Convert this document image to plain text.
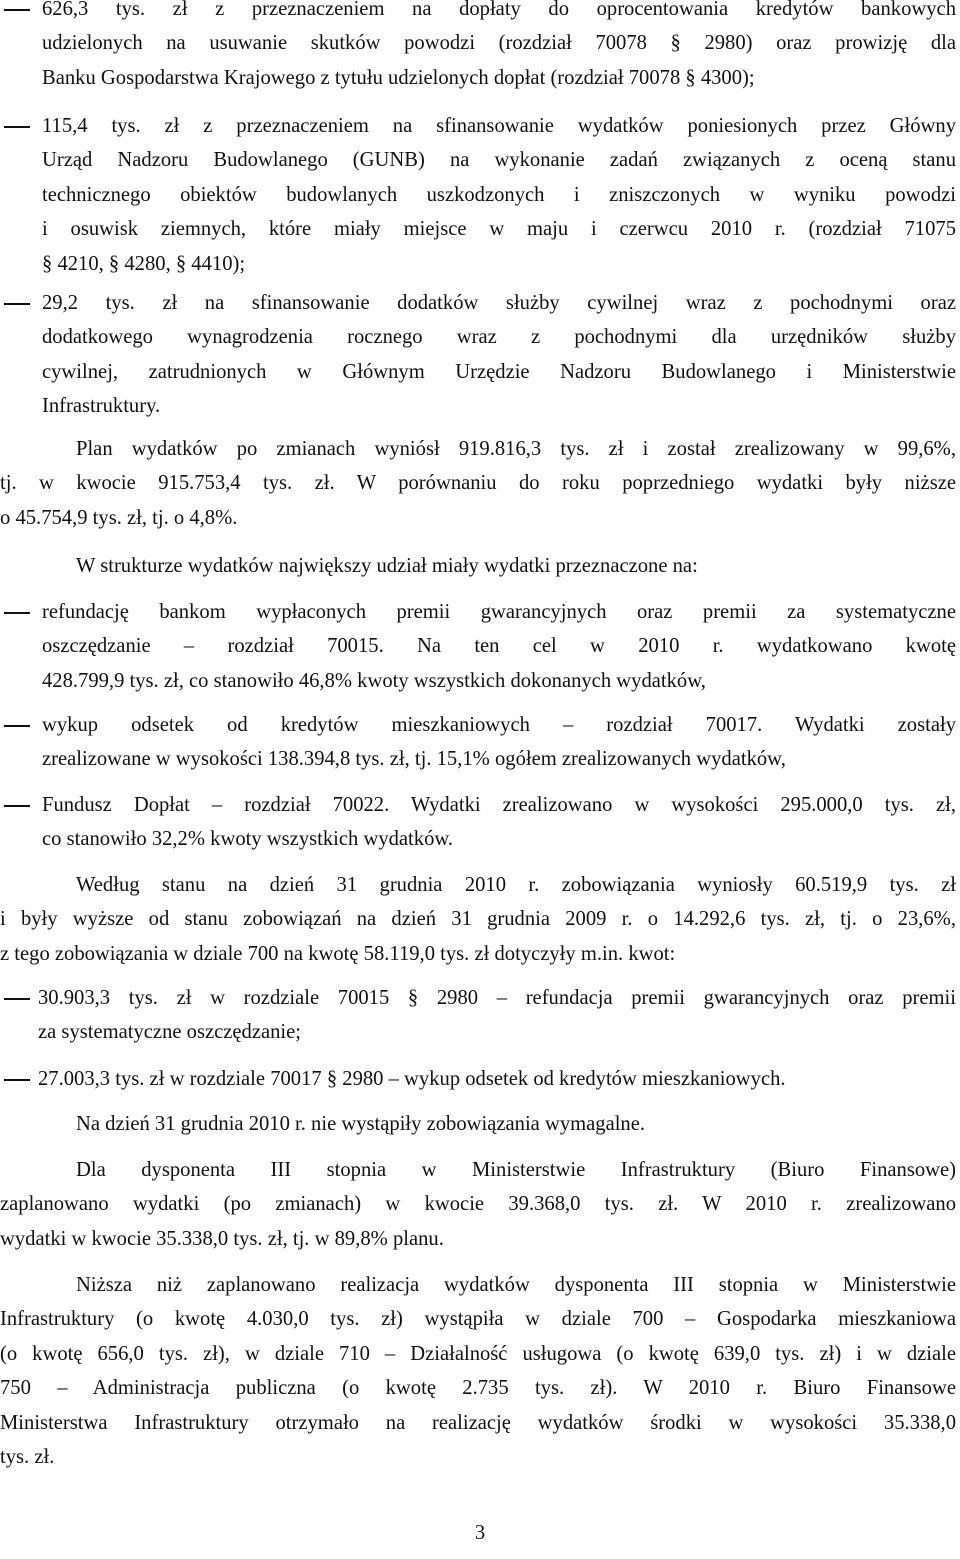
626,3 tys. zł z przeznaczeniem na dopłaty do oprocentowania kredytów bankowych
udzielonych na usuwanie skutków powodzi (rozdział 70078 § 2980) oraz prowizję dla
Banku Gospodarstwa Krajowego z tytułu udzielonych dopłat (rozdział 70078 § 4300);
115,4 tys. zł z przeznaczeniem na sfinansowanie wydatków poniesionych przez Główny
Urząd Nadzoru Budowlanego (GUNB) na wykonanie zadań związanych z oceną stanu
technicznego obiektów budowlanych uszkodzonych i zniszczonych w wyniku powodzi
i osuwisk ziemnych, które miały miejsce w maju i czerwcu 2010 r. (rozdział 71075
§ 4210, § 4280, § 4410);
29,2 tys. zł na sfinansowanie dodatków służby cywilnej wraz z pochodnymi oraz
dodatkowego wynagrodzenia rocznego wraz z pochodnymi dla urzędników służby
cywilnej, zatrudnionych w Głównym Urzędzie Nadzoru Budowlanego i Ministerstwie
Infrastruktury.
Plan wydatków po zmianach wyniósł 919.816,3 tys. zł i został zrealizowany w 99,6%,
tj. w kwocie 915.753,4 tys. zł. W porównaniu do roku poprzedniego wydatki były niższe
o 45.754,9 tys. zł, tj. o 4,8%.
W strukturze wydatków największy udział miały wydatki przeznaczone na:
refundację bankom wypłaconych premii gwarancyjnych oraz premii za systematyczne
oszczędzanie – rozdział 70015. Na ten cel w 2010 r. wydatkowano kwotę
428.799,9 tys. zł, co stanowiło 46,8% kwoty wszystkich dokonanych wydatków,
wykup odsetek od kredytów mieszkaniowych – rozdział 70017. Wydatki zostały
zrealizowane w wysokości 138.394,8 tys. zł, tj. 15,1% ogółem zrealizowanych wydatków,
Fundusz Dopłat – rozdział 70022. Wydatki zrealizowano w wysokości 295.000,0 tys. zł,
co stanowiło 32,2% kwoty wszystkich wydatków.
Według stanu na dzień 31 grudnia 2010 r. zobowiązania wyniosły 60.519,9 tys. zł
i były wyższe od stanu zobowiązań na dzień 31 grudnia 2009 r. o 14.292,6 tys. zł, tj. o 23,6%,
z tego zobowiązania w dziale 700 na kwotę 58.119,0 tys. zł dotyczyły m.in. kwot:
30.903,3 tys. zł w rozdziale 70015 § 2980 – refundacja premii gwarancyjnych oraz premii
za systematyczne oszczędzanie;
27.003,3 tys. zł w rozdziale 70017 § 2980 – wykup odsetek od kredytów mieszkaniowych.
Na dzień 31 grudnia 2010 r. nie wystąpiły zobowiązania wymagalne.
Dla dysponenta III stopnia w Ministerstwie Infrastruktury (Biuro Finansowe)
zaplanowano wydatki (po zmianach) w kwocie 39.368,0 tys. zł. W 2010 r. zrealizowano
wydatki w kwocie 35.338,0 tys. zł, tj. w 89,8% planu.
Niższa niż zaplanowano realizacja wydatków dysponenta III stopnia w Ministerstwie
Infrastruktury (o kwotę 4.030,0 tys. zł) wystąpiła w dziale 700 – Gospodarka mieszkaniowa
(o kwotę 656,0 tys. zł), w dziale 710 – Działalność usługowa (o kwotę 639,0 tys. zł) i w dziale
750 – Administracja publiczna (o kwotę 2.735 tys. zł). W 2010 r. Biuro Finansowe
Ministerstwa Infrastruktury otrzymało na realizację wydatków środki w wysokości 35.338,0
tys. zł.
3
